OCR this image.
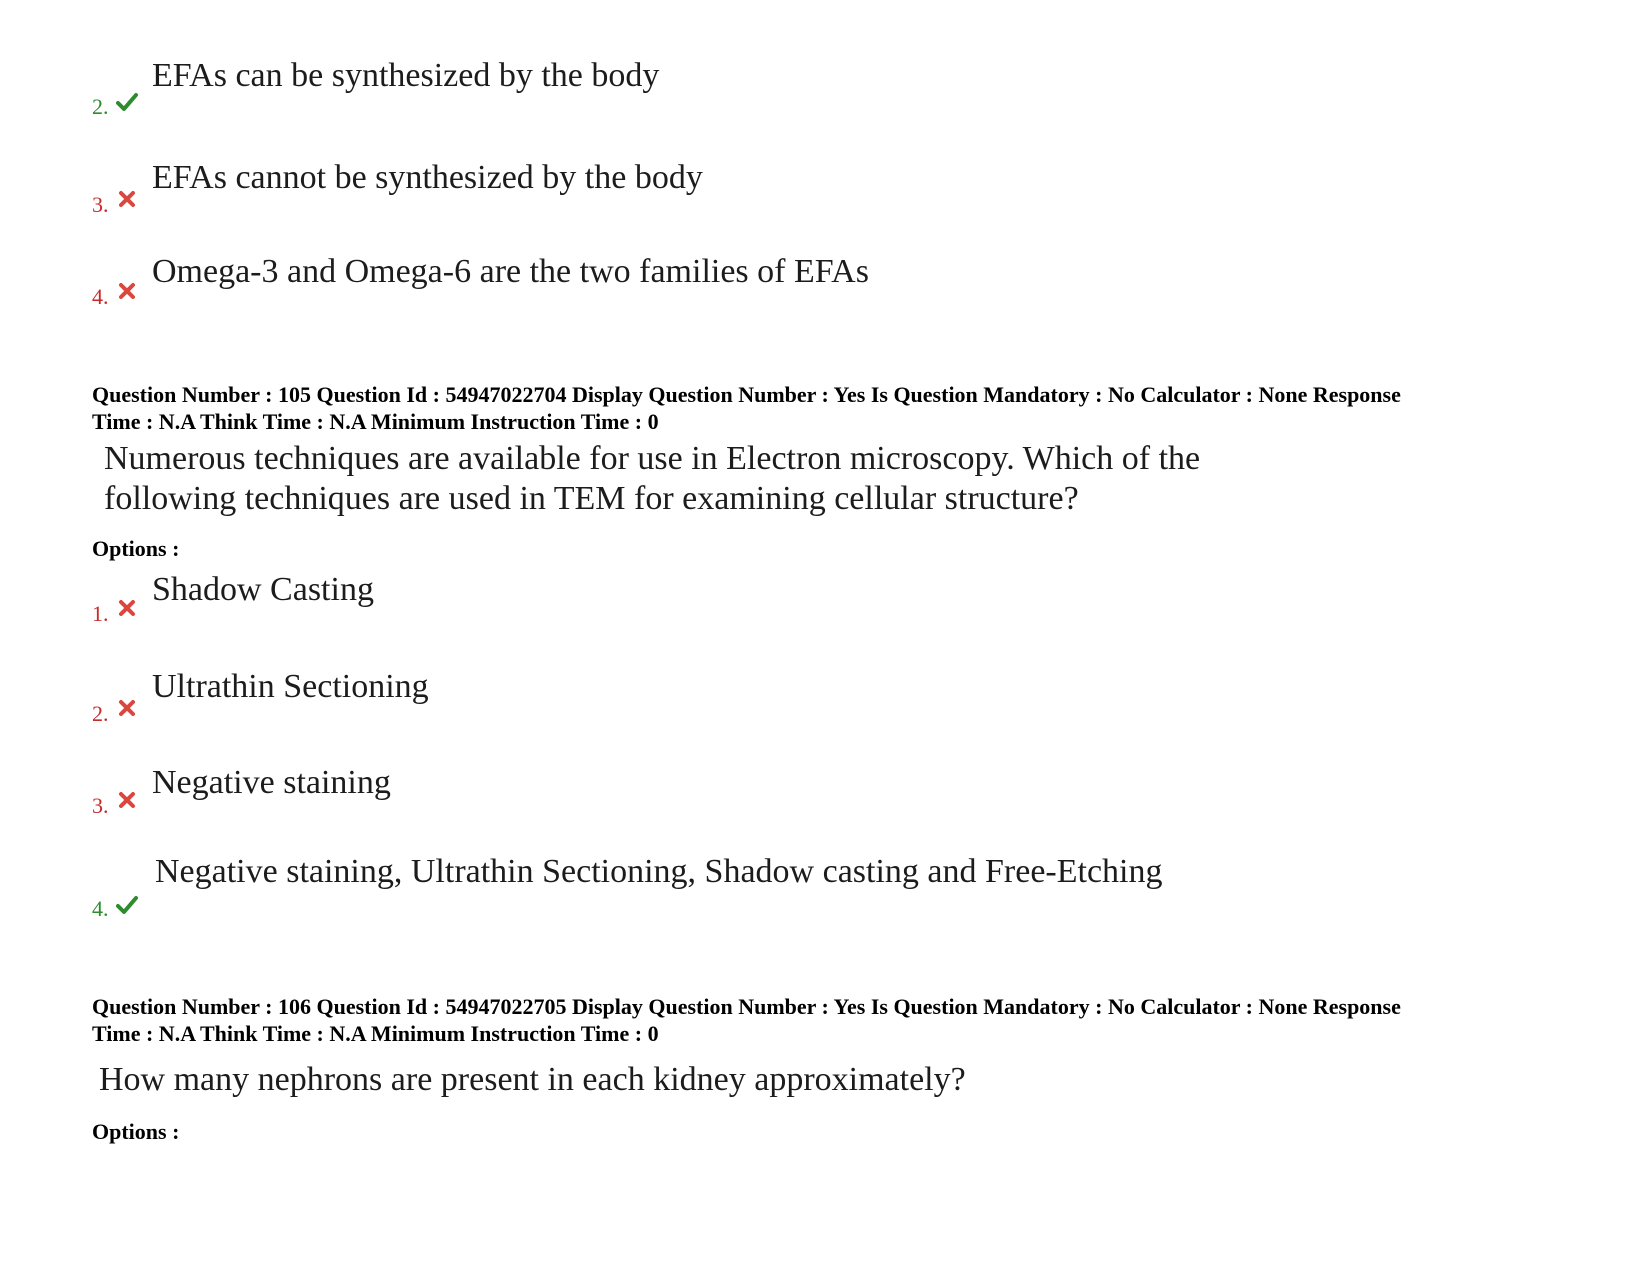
EFAs can be synthesized by the body
2.
EFAs cannot be synthesized by the body
3.
Omega-3 and Omega-6 are the two families of EFAs
4.
Question Number : 105 Question Id : 54947022704 Display Question Number : Yes Is Question Mandatory : No Calculator : None Response
Time : N.A Think Time : N.A Minimum Instruction Time : 0
Numerous techniques are available for use in Electron microscopy. Which of the
following techniques are used in TEM for examining cellular structure?
Options :
Shadow Casting
1.
Ultrathin Sectioning
2.
Negative staining
3.
Negative staining, Ultrathin Sectioning, Shadow casting and Free-Etching
4.
Question Number : 106 Question Id : 54947022705 Display Question Number : Yes Is Question Mandatory : No Calculator : None Response
Time : N.A Think Time : N.A Minimum Instruction Time : 0
How many nephrons are present in each kidney approximately?
Options :
